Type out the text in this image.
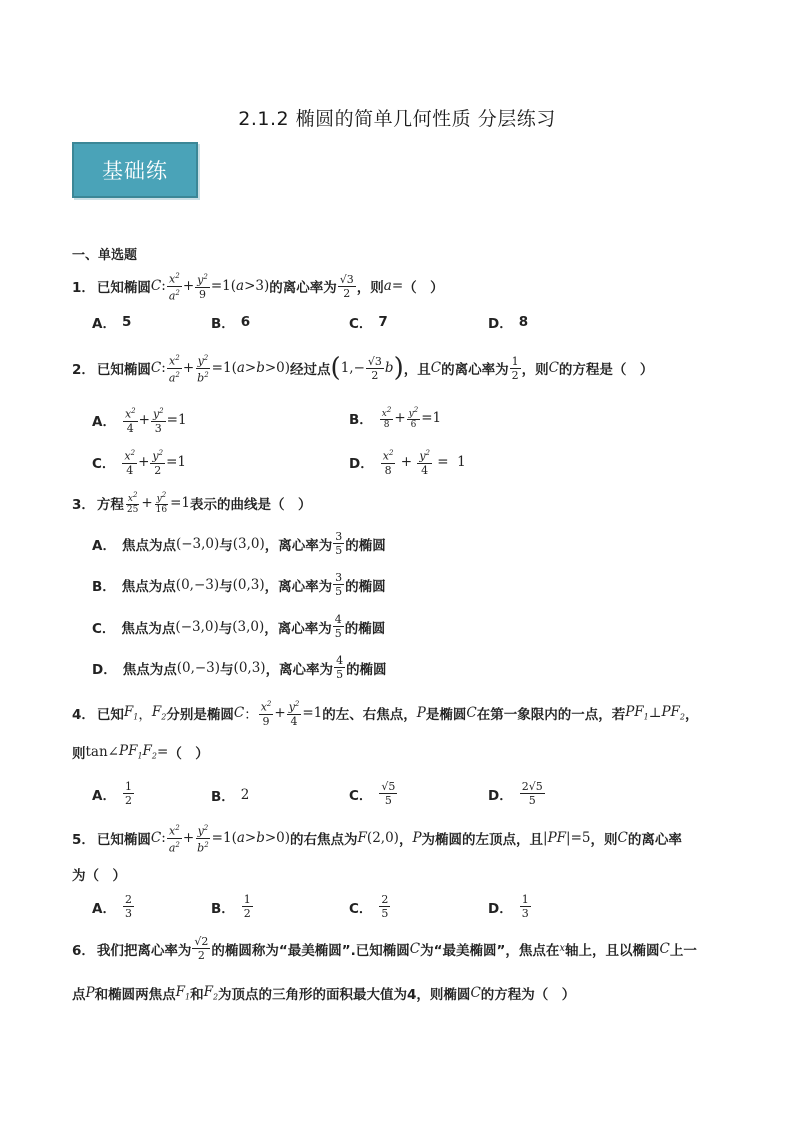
2.1.2 椭圆的简单几何性质 分层练习
基础练
一、单选题
1． 已知椭圆 C : $\frac{x^2}{a^2} + \frac{y^2}{9} =1$( a >3) 的离心率为 $\frac{√3}{2}$ ，则 a = （　）
A． 5	B． 6	C． 7	D． 8
2． 已知椭圆 C : $\frac{x^2}{a^2} + \frac{y^2}{b^2} =1$( a > b >0) 经过点 ( $1,- \frac{√3}{2}$ b ) ，且 C 的离心率为 $\frac{1}{2}$ ，则 C 的方程是（　）
A． $\frac{x^2}{4} + \frac{y^2}{3} =1$	B． $\frac{x^2}{8} + \frac{y^2}{6} =1$
C． $\frac{x^2}{4} + \frac{y^2}{2} =1$	D． $\frac{x^2}{8} + \frac{y^2}{4} = 1$
3． 方程 $\frac{x^2}{25} + \frac{y^2}{16} =1$ 表示的曲线是（　）
A． 焦点为点 (−3,0) 与 (3,0) ，离心率为 $\frac{3}{5}$ 的椭圆
B． 焦点为点 (0,−3) 与 (0,3) ，离心率为 $\frac{3}{5}$ 的椭圆
C． 焦点为点 (−3,0) 与 (3,0) ，离心率为 $\frac{4}{5}$ 的椭圆
D． 焦点为点 (0,−3) 与 (0,3) ，离心率为 $\frac{4}{5}$ 的椭圆
4． 已知 $F_1$ ， $F_2$ 分别是椭圆 C ： $\frac{x^2}{9} + \frac{y^2}{4} =1$ 的左、右焦点， P 是椭圆 C 在第一象限内的一点，若 $PF_1$ ⊥ $PF_2$ ，
则 tan∠ $PF_1F_2$ = （　）
A． $\frac{1}{2}$	B． 2	C． $\frac{√5}{5}$	D． $\frac{2√5}{5}$
5． 已知椭圆 C : $\frac{x^2}{a^2} + \frac{y^2}{b^2} =1$( a > b >0) 的右焦点为 F (2,0) ， P 为椭圆的左顶点，且 | PF |=5 ，则 C 的离心率
为（　）
A． $\frac{2}{3}$	B． $\frac{1}{2}$	C． $\frac{2}{5}$	D． $\frac{1}{3}$
6． 我们把离心率为 $\frac{√2}{2}$ 的椭圆称为“最美椭圆”.已知椭圆 C 为“最美椭圆”，焦点在 x 轴上，且以椭圆 C 上一
点 P 和椭圆两焦点 $F_1$ 和 $F_2$ 为顶点的三角形的面积最大值为4，则椭圆 C 的方程为（　）
